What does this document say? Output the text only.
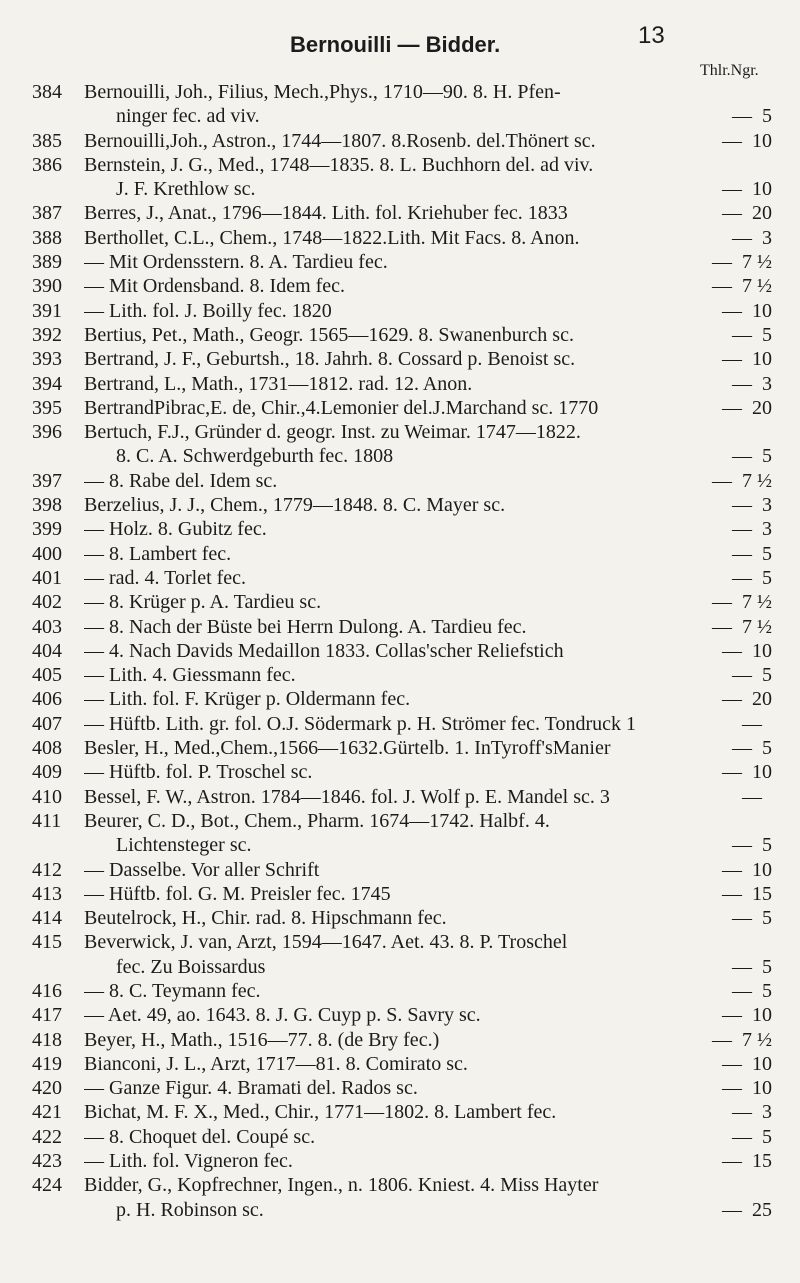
Bernouilli — Bidder.	13
Thlr.Ngr.
384	Bernouilli, Joh., Filius, Mech.,Phys., 1710—90. 8. H. Pfen-
ninger fec. ad viv.	— 5
385	Bernouilli,Joh., Astron., 1744—1807. 8.Rosenb. del.Thönert sc.	— 10
386	Bernstein, J. G., Med., 1748—1835. 8. L. Buchhorn del. ad viv.
J. F. Krethlow sc.	— 10
387	Berres, J., Anat., 1796—1844. Lith. fol. Kriehuber fec. 1833	— 20
388	Berthollet, C.L., Chem., 1748—1822.Lith. Mit Facs. 8. Anon.	— 3
389	— Mit Ordensstern. 8. A. Tardieu fec.	— 7 ½
390	— Mit Ordensband. 8. Idem fec.	— 7 ½
391	— Lith. fol. J. Boilly fec. 1820	— 10
392	Bertius, Pet., Math., Geogr. 1565—1629. 8. Swanenburch sc.	— 5
393	Bertrand, J. F., Geburtsh., 18. Jahrh. 8. Cossard p. Benoist sc.	— 10
394	Bertrand, L., Math., 1731—1812. rad. 12. Anon.	— 3
395	BertrandPibrac,E. de, Chir.,4.Lemonier del.J.Marchand sc. 1770	— 20
396	Bertuch, F.J., Gründer d. geogr. Inst. zu Weimar. 1747—1822.
8. C. A. Schwerdgeburth fec. 1808	— 5
397	— 8. Rabe del. Idem sc.	— 7 ½
398	Berzelius, J. J., Chem., 1779—1848. 8. C. Mayer sc.	— 3
399	— Holz. 8. Gubitz fec.	— 3
400	— 8. Lambert fec.	— 5
401	— rad. 4. Torlet fec.	— 5
402	— 8. Krüger p. A. Tardieu sc.	— 7 ½
403	— 8. Nach der Büste bei Herrn Dulong. A. Tardieu fec.	— 7 ½
404	— 4. Nach Davids Medaillon 1833. Collas'scher Reliefstich	— 10
405	— Lith. 4. Giessmann fec.	— 5
406	— Lith. fol. F. Krüger p. Oldermann fec.	— 20
407	— Hüftb. Lith. gr. fol. O.J. Södermark p. H. Strömer fec. Tondruck 1	—
408	Besler, H., Med.,Chem.,1566—1632.Gürtelb. 1. InTyroff'sManier	— 5
409	— Hüftb. fol. P. Troschel sc.	— 10
410	Bessel, F. W., Astron. 1784—1846. fol. J. Wolf p. E. Mandel sc. 3	—
411	Beurer, C. D., Bot., Chem., Pharm. 1674—1742. Halbf. 4.
Lichtensteger sc.	— 5
412	— Dasselbe. Vor aller Schrift	— 10
413	— Hüftb. fol. G. M. Preisler fec. 1745	— 15
414	Beutelrock, H., Chir. rad. 8. Hipschmann fec.	— 5
415	Beverwick, J. van, Arzt, 1594—1647. Aet. 43. 8. P. Troschel
fec. Zu Boissardus	— 5
416	— 8. C. Teymann fec.	— 5
417	— Aet. 49, ao. 1643. 8. J. G. Cuyp p. S. Savry sc.	— 10
418	Beyer, H., Math., 1516—77. 8. (de Bry fec.)	— 7 ½
419	Bianconi, J. L., Arzt, 1717—81. 8. Comirato sc.	— 10
420	— Ganze Figur. 4. Bramati del. Rados sc.	— 10
421	Bichat, M. F. X., Med., Chir., 1771—1802. 8. Lambert fec.	— 3
422	— 8. Choquet del. Coupé sc.	— 5
423	— Lith. fol. Vigneron fec.	— 15
424	Bidder, G., Kopfrechner, Ingen., n. 1806. Kniest. 4. Miss Hayter
p. H. Robinson sc.	— 25
